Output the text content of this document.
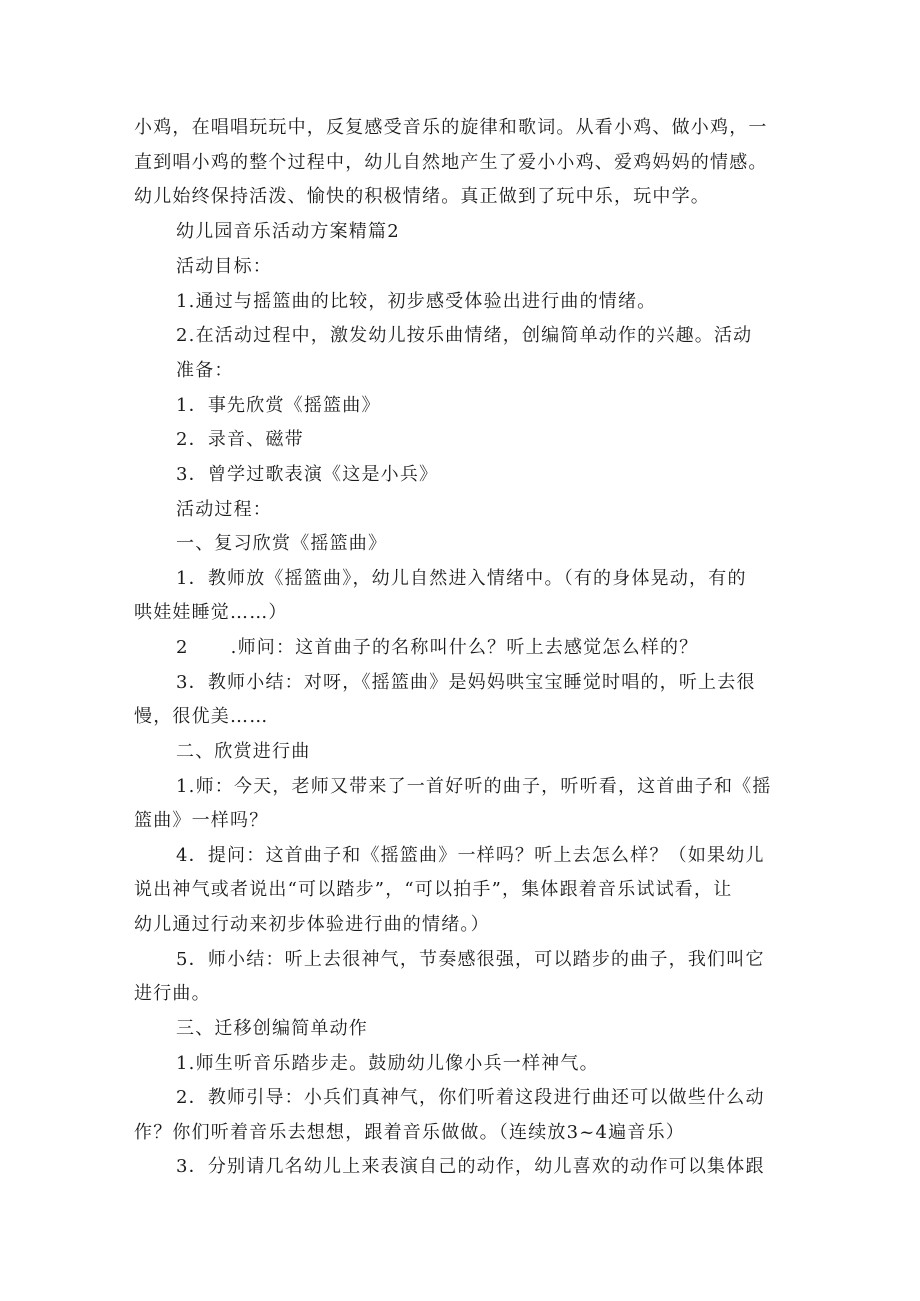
小鸡，在唱唱玩玩中，反复感受音乐的旋律和歌词。从看小鸡、做小鸡，一
直到唱小鸡的整个过程中，幼儿自然地产生了爱小小鸡、爱鸡妈妈的情感。
幼儿始终保持活泼、愉快的积极情绪。真正做到了玩中乐，玩中学。
幼儿园音乐活动方案精篇2
活动目标：
1.通过与摇篮曲的比较，初步感受体验出进行曲的情绪。
2.在活动过程中，激发幼儿按乐曲情绪，创编简单动作的兴趣。活动
准备：
1．事先欣赏《摇篮曲》
2．录音、磁带
3．曾学过歌表演《这是小兵》
活动过程：
一、复习欣赏《摇篮曲》
1．教师放《摇篮曲》，幼儿自然进入情绪中。（有的身体晃动，有的
哄娃娃睡觉……）
2 .师问：这首曲子的名称叫什么？听上去感觉怎么样的？
3．教师小结：对呀，《摇篮曲》是妈妈哄宝宝睡觉时唱的，听上去很
慢，很优美……
二、欣赏进行曲
1.师：今天，老师又带来了一首好听的曲子，听听看，这首曲子和《摇
篮曲》一样吗？
4．提问：这首曲子和《摇篮曲》一样吗？听上去怎么样？（如果幼儿
说出神气或者说出“可以踏步”，“可以拍手”，集体跟着音乐试试看，让
幼儿通过行动来初步体验进行曲的情绪。）
5．师小结：听上去很神气，节奏感很强，可以踏步的曲子，我们叫它
进行曲。
三、迁移创编简单动作
1.师生听音乐踏步走。鼓励幼儿像小兵一样神气。
2．教师引导：小兵们真神气，你们听着这段进行曲还可以做些什么动
作？你们听着音乐去想想，跟着音乐做做。（连续放3~4遍音乐）
3．分别请几名幼儿上来表演自己的动作，幼儿喜欢的动作可以集体跟
